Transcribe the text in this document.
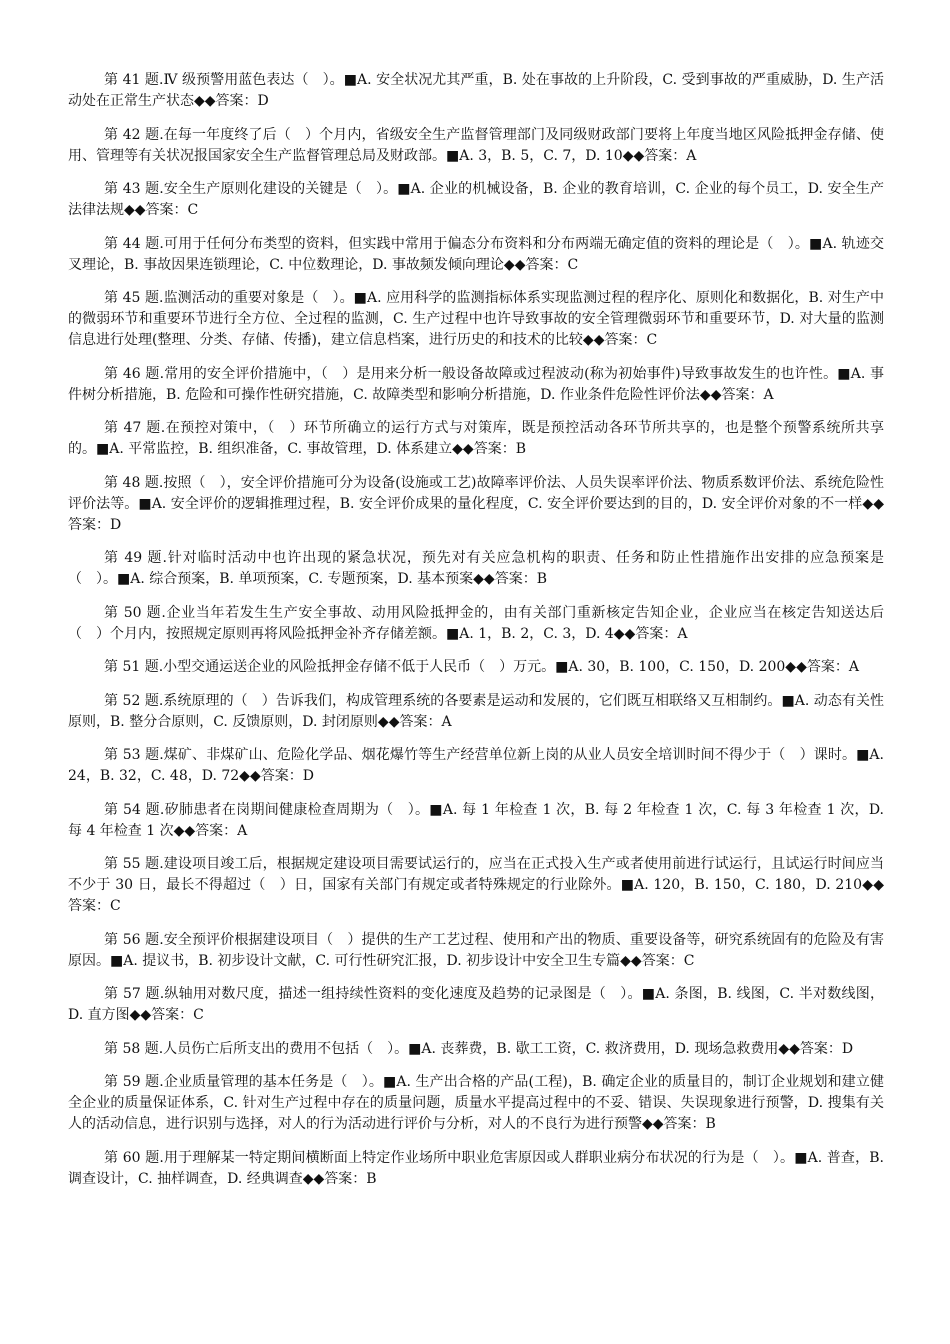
第 41 题.Ⅳ 级预警用蓝色表达（　）。■A. 安全状况尤其严重，B. 处在事故的上升阶段，C. 受到事故的严重威胁，D. 生产活动处在正常生产状态◆◆答案：D

第 42 题.在每一年度终了后（　）个月内，省级安全生产监督管理部门及同级财政部门要将上年度当地区风险抵押金存储、使用、管理等有关状况报国家安全生产监督管理总局及财政部。■A. 3，B. 5，C. 7，D. 10◆◆答案：A

第 43 题.安全生产原则化建设的关键是（　）。■A. 企业的机械设备，B. 企业的教育培训，C. 企业的每个员工，D. 安全生产法律法规◆◆答案：C

第 44 题.可用于任何分布类型的资料，但实践中常用于偏态分布资料和分布两端无确定值的资料的理论是（　）。■A. 轨迹交叉理论，B. 事故因果连锁理论，C. 中位数理论，D. 事故频发倾向理论◆◆答案：C

第 45 题.监测活动的重要对象是（　）。■A. 应用科学的监测指标体系实现监测过程的程序化、原则化和数据化，B. 对生产中的微弱环节和重要环节进行全方位、全过程的监测，C. 生产过程中也许导致事故的安全管理微弱环节和重要环节，D. 对大量的监测信息进行处理(整理、分类、存储、传播)，建立信息档案，进行历史的和技术的比较◆◆答案：C

第 46 题.常用的安全评价措施中，（　）是用来分析一般设备故障或过程波动(称为初始事件)导致事故发生的也许性。■A. 事件树分析措施，B. 危险和可操作性研究措施，C. 故障类型和影响分析措施，D. 作业条件危险性评价法◆◆答案：A

第 47 题.在预控对策中，（　）环节所确立的运行方式与对策库，既是预控活动各环节所共享的，也是整个预警系统所共享的。■A. 平常监控，B. 组织准备，C. 事故管理，D. 体系建立◆◆答案：B

第 48 题.按照（　），安全评价措施可分为设备(设施或工艺)故障率评价法、人员失误率评价法、物质系数评价法、系统危险性评价法等。■A. 安全评价的逻辑推理过程，B. 安全评价成果的量化程度，C. 安全评价要达到的目的，D. 安全评价对象的不一样◆◆答案：D

第 49 题.针对临时活动中也许出现的紧急状况，预先对有关应急机构的职责、任务和防止性措施作出安排的应急预案是（　）。■A. 综合预案，B. 单项预案，C. 专题预案，D. 基本预案◆◆答案：B

第 50 题.企业当年若发生生产安全事故、动用风险抵押金的，由有关部门重新核定告知企业，企业应当在核定告知送达后（　）个月内，按照规定原则再将风险抵押金补齐存储差额。■A. 1，B. 2，C. 3，D. 4◆◆答案：A

第 51 题.小型交通运送企业的风险抵押金存储不低于人民币（　）万元。■A. 30，B. 100，C. 150，D. 200◆◆答案：A

第 52 题.系统原理的（　）告诉我们，构成管理系统的各要素是运动和发展的，它们既互相联络又互相制约。■A. 动态有关性原则，B. 整分合原则，C. 反馈原则，D. 封闭原则◆◆答案：A

第 53 题.煤矿、非煤矿山、危险化学品、烟花爆竹等生产经营单位新上岗的从业人员安全培训时间不得少于（　）课时。■A. 24，B. 32，C. 48，D. 72◆◆答案：D

第 54 题.矽肺患者在岗期间健康检查周期为（　）。■A. 每 1 年检查 1 次，B. 每 2 年检查 1 次，C. 每 3 年检查 1 次，D. 每 4 年检查 1 次◆◆答案：A

第 55 题.建设项目竣工后，根据规定建设项目需要试运行的，应当在正式投入生产或者使用前进行试运行，且试运行时间应当不少于 30 日，最长不得超过（　）日，国家有关部门有规定或者特殊规定的行业除外。■A. 120，B. 150，C. 180，D. 210◆◆答案：C

第 56 题.安全预评价根据建设项目（　）提供的生产工艺过程、使用和产出的物质、重要设备等，研究系统固有的危险及有害原因。■A. 提议书，B. 初步设计文献，C. 可行性研究汇报，D. 初步设计中安全卫生专篇◆◆答案：C

第 57 题.纵轴用对数尺度，描述一组持续性资料的变化速度及趋势的记录图是（　）。■A. 条图，B. 线图，C. 半对数线图，D. 直方图◆◆答案：C

第 58 题.人员伤亡后所支出的费用不包括（　）。■A. 丧葬费，B. 歇工工资，C. 救济费用，D. 现场急救费用◆◆答案：D

第 59 题.企业质量管理的基本任务是（　）。■A. 生产出合格的产品(工程)，B. 确定企业的质量目的，制订企业规划和建立健全企业的质量保证体系，C. 针对生产过程中存在的质量问题，质量水平提高过程中的不妥、错误、失误现象进行预警，D. 搜集有关人的活动信息，进行识别与选择，对人的行为活动进行评价与分析，对人的不良行为进行预警◆◆答案：B

第 60 题.用于理解某一特定期间横断面上特定作业场所中职业危害原因或人群职业病分布状况的行为是（　）。■A. 普查，B. 调查设计，C. 抽样调查，D. 经典调查◆◆答案：B
